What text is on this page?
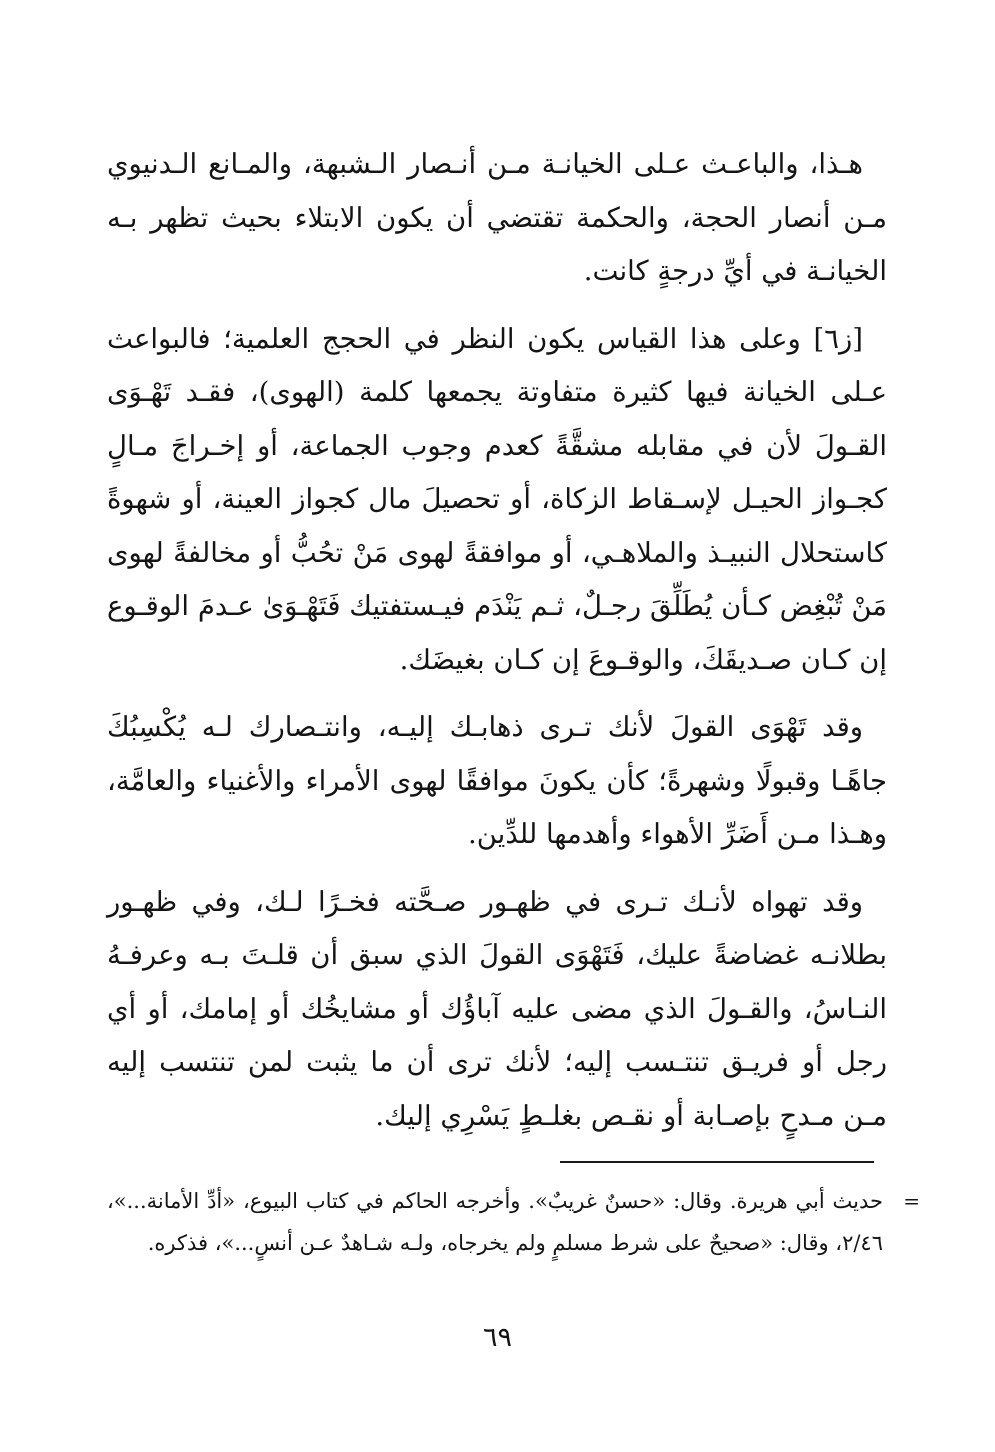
هـذا، والباعـث عـلى الخيانـة مـن أنـصار الـشبهة، والمـانع الـدنيوي مـن أنصار الحجة، والحكمة تقتضي أن يكون الابتلاء بحيث تظهر بـه الخيانـة في أيِّ درجةٍ كانت.

[ز٦] وعلى هذا القياس يكون النظر في الحجج العلمية؛ فالبواعث عـلى الخيانة فيها كثيرة متفاوتة يجمعها كلمة (الهوى)، فقـد تَهْـوَى القـولَ لأن في مقابله مشقَّةً كعدم وجوب الجماعة، أو إخـراجَ مـالٍ كجـواز الحيـل لإسـقاط الزكاة، أو تحصيلَ مال كجواز العينة، أو شهوةً كاستحلال النبيـذ والملاهـي، أو موافقةً لهوى مَنْ تحُبُّ أو مخالفةً لهوى مَنْ تُبْغِض كـأن يُطَلِّقَ رجـلٌ، ثـم يَنْدَم فيـستفتيك فَتَهْـوَىٰ عـدمَ الوقـوع إن كـان صـديقَكَ، والوقـوعَ إن كـان بغيضَك.

وقد تَهْوَى القولَ لأنك تـرى ذهابـك إليـه، وانتـصارك لـه يُكْسِبُكَ جاهًـا وقبولًا وشهرةً؛ كأن يكونَ موافقًا لهوى الأمراء والأغنياء والعامَّة، وهـذا مـن أَضَرِّ الأهواء وأهدمها للدِّين.

وقد تهواه لأنـك تـرى في ظهـور صـحَّته فخـرًا لـك، وفي ظهـور بطلانـه غضاضةً عليك، فَتَهْوَى القولَ الذي سبق أن قلـتَ بـه وعرفـهُ النـاسُ، والقـولَ الذي مضى عليه آباؤُك أو مشايخُك أو إمامك، أو أي رجل أو فريـق تنتـسب إليه؛ لأنك ترى أن ما يثبت لمن تنتسب إليه مـن مـدحٍ بإصـابة أو نقـص بغلـطٍ يَسْرِي إليك.

=
حديث أبي هريرة. وقال: «حسنٌ غريبٌ». وأخرجه الحاكم في كتاب البيوع، «أدِّ الأمانة...»، ٢/٤٦، وقال: «صحيحٌ على شرط مسلمٍ ولم يخرجاه، ولـه شـاهدٌ عـن أنسٍ...»، فذكره.
٦٩
